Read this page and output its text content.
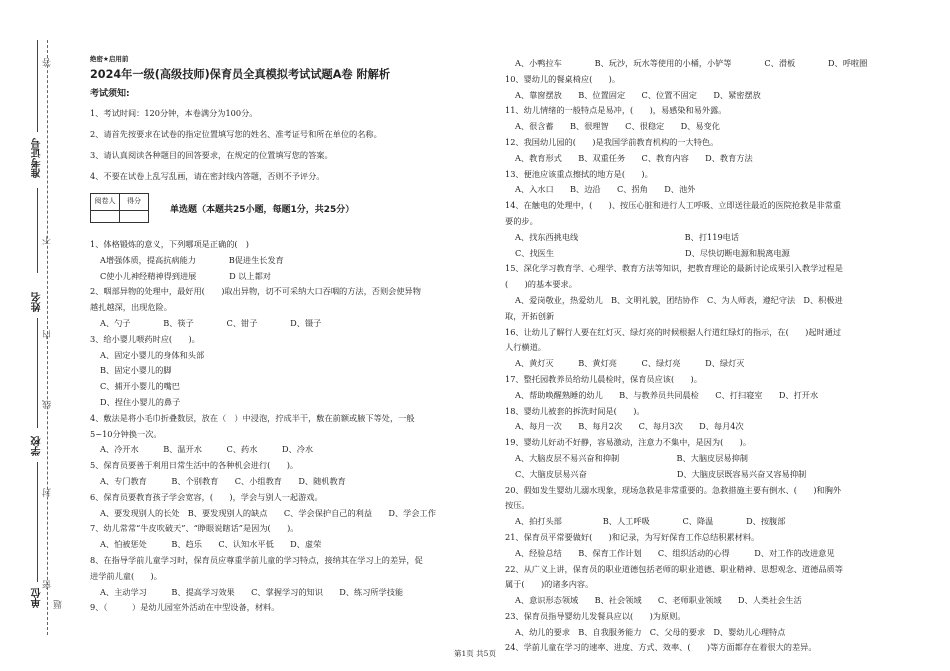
准考证号
姓名
学校
单位
答
不
内
线
封
密
题
绝密★启用前
2024年一级(高级技师)保育员全真模拟考试试题A卷 附解析
考试须知:
1、考试时间：120分钟，本卷满分为100分。
2、请首先按要求在试卷的指定位置填写您的姓名、准考证号和所在单位的名称。
3、请认真阅读各种题目的回答要求，在规定的位置填写您的答案。
4、不要在试卷上乱写乱画，请在密封线内答题，否则不予评分。
阅卷人	得分

单选题（本题共25小题，每题1分，共25分）
1、体格锻炼的意义，下列哪项是正确的(　)
A增强体质，提高抗病能力　　　　B促进生长发育
C使小儿神经精神得到进展　　　　D 以上都对
2、咽部异物的处理中，最好用(　　)取出异物，切不可采纳大口吞咽的方法，否则会使异物
越扎越深，出现危险。
A、勺子　　　　B、筷子　　　　C、钳子　　　　D、镊子
3、给小婴儿喂药时应(　　)。
A、固定小婴儿的身体和头部
B、固定小婴儿的脚
C、捕开小婴儿的嘴巴
D、捏住小婴儿的鼻子
4、敷法是将小毛巾折叠数层，放在（　）中浸泡，拧成半干，敷在前额或腋下等处，一般
5~10分钟换一次。
A、冷开水　　　B、温开水　　　C、药水　　　D、冷水
5、保育员要善于利用日常生活中的各种机会进行(　　)。
A、专门教育　　　B、个别教育　　C、小组教育　　D、随机教育
6、保育员要教育孩子学会宽容，(　　)，学会与别人一起游戏。
A、要发现别人的长处　B、要发现别人的缺点　　C、学会保护自己的利益　　D、学会工作
7、幼儿常常“牛皮吹破天”、“睁眼说瞎话”是因为(　　)。
A、怕被惩处　　　B、趋乐　　C、认知水平低　　D、虚荣
8、在指导学前儿童学习时，保育员应尊重学前儿童的学习特点，接纳其在学习上的差异，促
进学前儿童(　　)。
A、主动学习　　　B、提高学习效果　　C、掌握学习的知识　　D、练习所学技能
9、（　　　）是幼儿园室外活动在中型设备，材料。
A、小鸭拉车　　　　B、玩沙，玩水等使用的小桶，小铲等　　　　C、滑板　　　　D、呼啦圈
10、婴幼儿的餐桌椅应(　　)。
A、靠窗摆放　　B、位置固定　　C、位置不固定　　D、紧密摆放
11、幼儿情绪的一般特点是易冲，(　　)，易感染和易外露。
A、很含蓄　　B、很理智　　C、很稳定　　D、易变化
12、我国幼儿园的(　　)是我国学前教育机构的一大特色。
A、教育形式　　B、双重任务　　C、教育内容　　D、教育方法
13、便池应该重点擦拭的地方是(　　)。
A、入水口　　B、边沿　　C、拐角　　D、池外
14、在触电的处理中，(　　)、按压心脏和进行人工呼吸、立即送往最近的医院抢救是非常重
要的步。
A、找东西挑电线　　　　　　　　　　　　　B、打119电话
C、找医生　　　　　　　　　　　　　　　　D、尽快切断电源和脱离电源
15、深化学习教育学、心理学、教育方法等知识，把教育理论的最新讨论成果引入教学过程是
(　　)的基本要求。
A、爱岗敬业，热爱幼儿　B、文明礼貌，团结协作　C、为人师表，遵纪守法　D、积极进
取，开拓创新
16、让幼儿了解行人要在红灯灭、绿灯亮的时候根据人行道红绿灯的指示，在(　　)起时通过
人行横道。
A、黄灯灭　　　B、黄灯亮　　　C、绿灯亮　　　D、绿灯灭
17、整托园教养员给幼儿晨检时，保育员应该(　　)。
A、帮助唤醒熟睡的幼儿　　B、与教养员共同晨检　　C、打扫寝室　　D、打开水
18、婴幼儿被套的拆洗时间是(　　)。
A、每月一次　　B、每月2次　　C、每月3次　　D、每月4次
19、婴幼儿好动不好静，容易激动，注意力不集中，是因为(　　)。
A、大脑皮层不易兴奋和抑制　　　　　　　B、大脑皮层易抑制
C、大脑皮层易兴奋　　　　　　　　　　　D、大脑皮层既容易兴奋又容易抑制
20、假如发生婴幼儿溺水现象，现场急救是非常重要的。急救措施主要有倒水、(　　)和胸外
按压。
A、拍打头部　　　　　B、人工呼吸　　　　C、降温　　　　D、按腹部
21、保育员平常要做好(　　)和记录，为写好保育工作总结积累材料。
A、经验总结　　B、保育工作计划　　C、组织活动的心得　　　D、对工作的改进意见
22、从广义上讲，保育员的职业道德包括老师的职业道德、职业精神、思想观念、道德品质等
属于(　　)的诸多内容。
A、意识形态领域　　B、社会领域　　C、老师职业领域　　D、人类社会生活
23、保育员指导婴幼儿发餐具应以(　　)为原则。
A、幼儿的要求　B、自我服务能力　C、父母的要求　D、婴幼儿心理特点
24、学前儿童在学习的速率、进度、方式、效率、(　　)等方面都存在着很大的差异。
第1页 共5页
